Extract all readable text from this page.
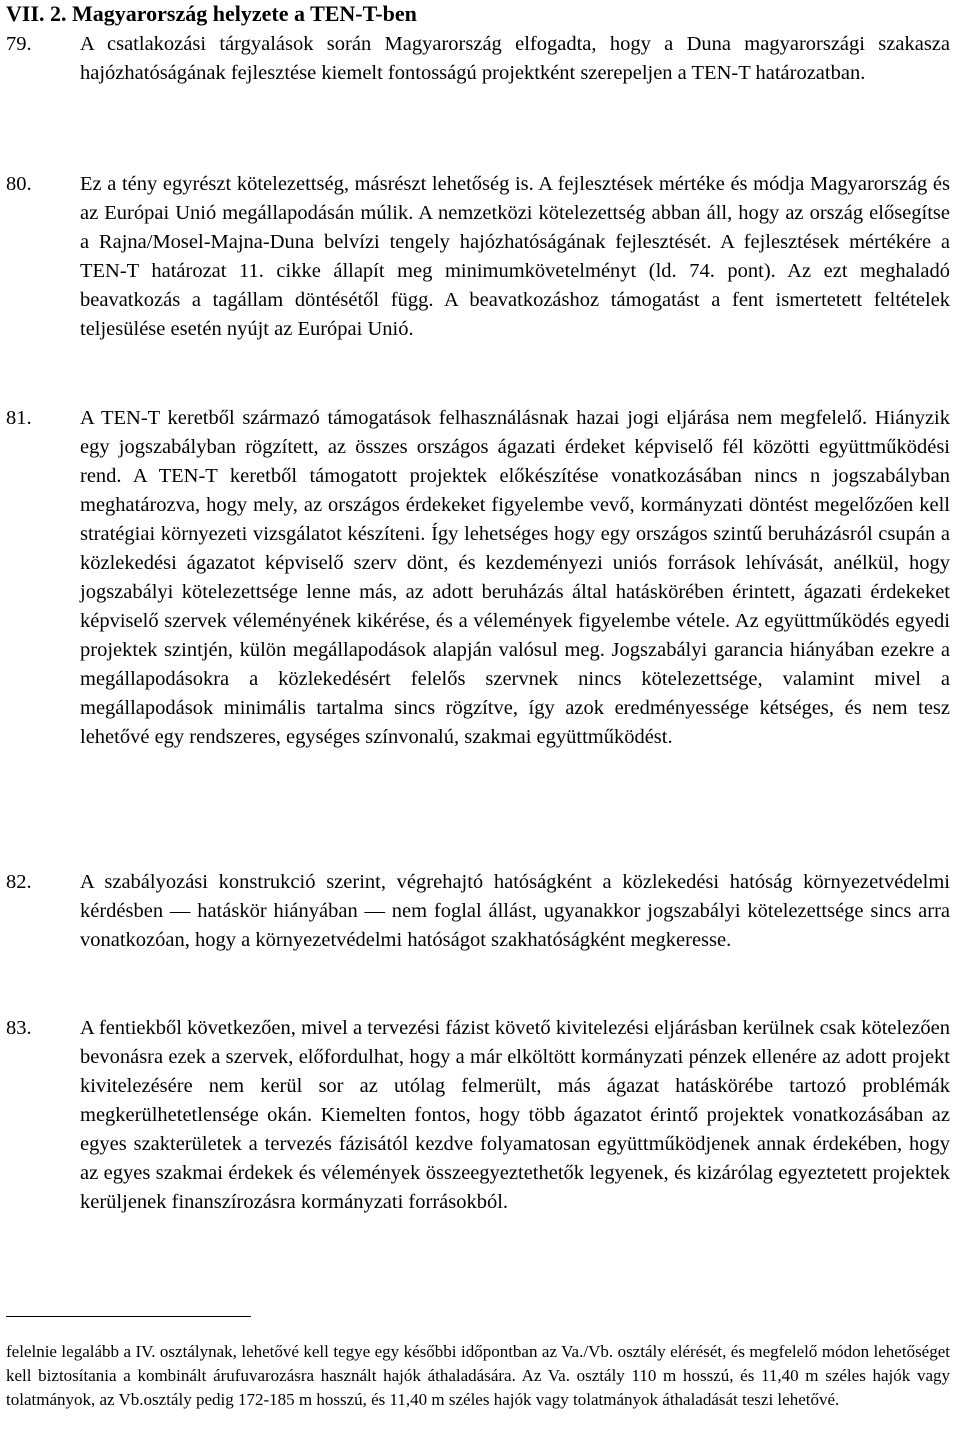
VII. 2. Magyarország helyzete a TEN-T-ben
79.	A csatlakozási tárgyalások során Magyarország elfogadta, hogy a Duna magyarországi szakasza hajózhatóságának fejlesztése kiemelt fontosságú projektként szerepeljen a TEN-T határozatban.
80.	Ez a tény egyrészt kötelezettség, másrészt lehetőség is. A fejlesztések mértéke és módja Magyarország és az Európai Unió megállapodásán múlik. A nemzetközi kötelezettség abban áll, hogy az ország elősegítse a Rajna/Mosel-Majna-Duna belvízi tengely hajózhatóságának fejlesztését. A fejlesztések mértékére a TEN-T határozat 11. cikke állapít meg minimumkövetelményt (ld. 74. pont). Az ezt meghaladó beavatkozás a tagállam döntésétől függ. A beavatkozáshoz támogatást a fent ismertetett feltételek teljesülése esetén nyújt az Európai Unió.
81.	A TEN-T keretből származó támogatások felhasználásnak hazai jogi eljárása nem megfelelő. Hiányzik egy jogszabályban rögzített, az összes országos ágazati érdeket képviselő fél közötti együttműködési rend. A TEN-T keretből támogatott projektek előkészítése vonatkozásában nincs n jogszabályban meghatározva, hogy mely, az országos érdekeket figyelembe vevő, kormányzati döntést megelőzően kell stratégiai környezeti vizsgálatot készíteni. Így lehetséges hogy egy országos szintű beruházásról csupán a közlekedési ágazatot képviselő szerv dönt, és kezdeményezi uniós források lehívását, anélkül, hogy jogszabályi kötelezettsége lenne más, az adott beruházás által hatáskörében érintett, ágazati érdekeket képviselő szervek véleményének kikérése, és a vélemények figyelembe vétele. Az együttműködés egyedi projektek szintjén, külön megállapodások alapján valósul meg. Jogszabályi garancia hiányában ezekre a megállapodásokra a közlekedésért felelős szervnek nincs kötelezettsége, valamint mivel a megállapodások minimális tartalma sincs rögzítve, így azok eredményessége kétséges, és nem tesz lehetővé egy rendszeres, egységes színvonalú, szakmai együttműködést.
82.	A szabályozási konstrukció szerint, végrehajtó hatóságként a közlekedési hatóság környezetvédelmi kérdésben — hatáskör hiányában — nem foglal állást, ugyanakkor jogszabályi kötelezettsége sincs arra vonatkozóan, hogy a környezetvédelmi hatóságot szakhatóságként megkeresse.
83.	A fentiekből következően, mivel a tervezési fázist követő kivitelezési eljárásban kerülnek csak kötelezően bevonásra ezek a szervek, előfordulhat, hogy a már elköltött kormányzati pénzek ellenére az adott projekt kivitelezésére nem kerül sor az utólag felmerült, más ágazat hatáskörébe tartozó problémák megkerülhetetlensége okán. Kiemelten fontos, hogy több ágazatot érintő projektek vonatkozásában az egyes szakterületek a tervezés fázisától kezdve folyamatosan együttműködjenek annak érdekében, hogy az egyes szakmai érdekek és vélemények összeegyeztethetők legyenek, és kizárólag egyeztetett projektek kerüljenek finanszírozásra kormányzati forrásokból.

felelnie legalább a IV. osztálynak, lehetővé kell tegye egy későbbi időpontban az Va./Vb. osztály elérését, és megfelelő módon lehetőséget kell biztosítania a kombinált árufuvarozásra használt hajók áthaladására. Az Va. osztály 110 m hosszú, és 11,40 m széles hajók vagy tolatmányok, az Vb.osztály pedig 172-185 m hosszú, és 11,40 m széles hajók vagy tolatmányok áthaladását teszi lehetővé.
